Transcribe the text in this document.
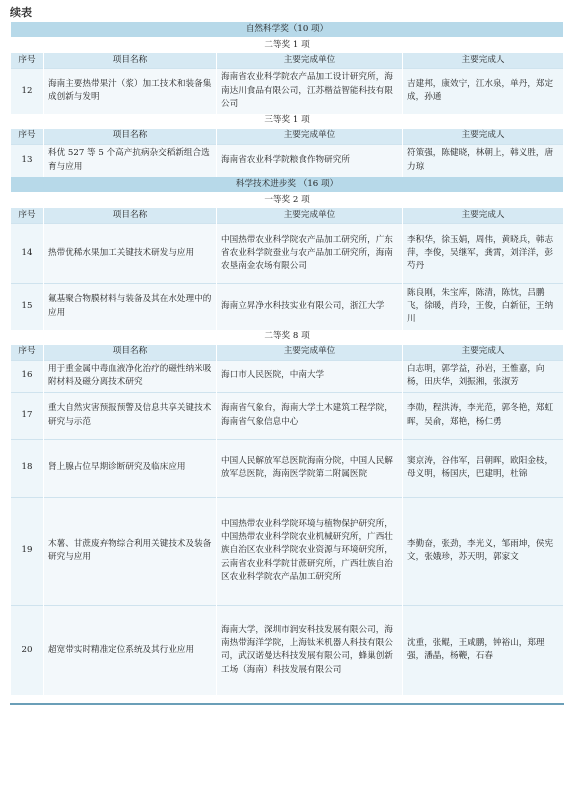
续表
自然科学奖（10 项）			
二等奖 1 项			
序号	项目名称	主要完成单位	主要完成人
12	海南主要热带果汁（浆）加工技术和装备集成创新与发明	海南省农业科学院农产品加工设计研究所，海南达川食品有限公司，江苏楷益智能科技有限公司	吉建邦，康效宁，江水泉，单丹，郑定成，孙通
三等奖 1 项			
序号	项目名称	主要完成单位	主要完成人
13	科优 527 等 5 个高产抗病杂交稻新组合选育与应用	海南省农业科学院粮食作物研究所	符策强，陈健晓，林朝上，韩义胜，唐力琼
科学技术进步奖 （16 项）			
一等奖 2 项			
序号	项目名称	主要完成单位	主要完成人
14	热带优稀水果加工关键技术研发与应用	中国热带农业科学院农产品加工研究所，广东省农业科学院蚕业与农产品加工研究所，海南农垦南金农场有限公司	李积华，徐玉娟，周伟，黄晓兵，韩志萍，李俊，吴继军，龚霄，刘洋洋，彭芍丹
15	氟基聚合物膜材料与装备及其在水处理中的应用	海南立昇净水科技实业有限公司，浙江大学	陈良刚，朱宝库，陈清，陈忱，吕鹏飞，徐暖，肖玲，王俊，白新征，王纳川
二等奖 8 项			
序号	项目名称	主要完成单位	主要完成人
16	用于重金属中毒血液净化治疗的磁性纳米吸附材料及磁分离技术研究	海口市人民医院，中南大学	白志明，郭学益，孙岩，王惟嘉，向杨，田庆华，刘振湘，张淑芳
17	重大自然灾害预报预警及信息共享关键技术研究与示范	海南省气象台，海南大学土木建筑工程学院，海南省气象信息中心	李勋，程洪涛，李光范，郭冬艳，郑虹晖，吴俞，郑艳，杨仁勇
18	肾上腺占位早期诊断研究及临床应用	中国人民解放军总医院海南分院，中国人民解放军总医院，海南医学院第二附属医院	窦京涛，谷伟军，吕朝晖，欧阳金枝，母义明，杨国庆，巴建明，杜锦
19	木薯、甘蔗废弃物综合利用关键技术及装备研究与应用	中国热带农业科学院环境与植物保护研究所，中国热带农业科学院农业机械研究所，广西壮族自治区农业科学院农业资源与环境研究所，云南省农业科学院甘蔗研究所，广西壮族自治区农业科学院农产品加工研究所	李勤奋，张劲，李光义，邹雨坤，侯宪文，张娥珍，苏天明，郭家文
20	超宽带实时精准定位系统及其行业应用	海南大学，深圳市润安科技发展有限公司，海南热带海洋学院，上海钛米机器人科技有限公司，武汉诺曼达科技发展有限公司，蜂巢创新工场（海南）科技发展有限公司	沈重，张鲲，王咸鹏，钟裕山，郑理强，潘晶，杨鞭，石春
